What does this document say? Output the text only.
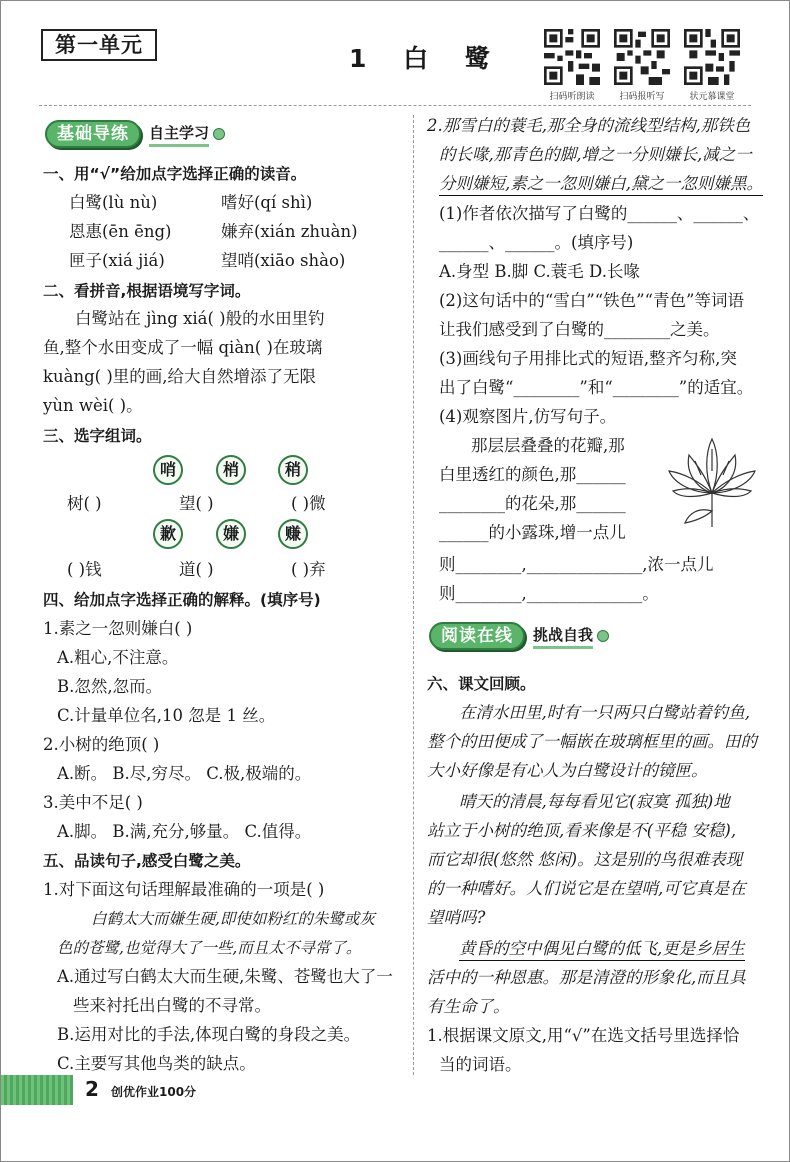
第一单元	1 白 鹭
扫码听朗读	扫码报听写	状元慕课堂
基础导练	自主学习
一、用“√”给加点字选择正确的读音。
白鹭(lù nù)	嗜好(qí shì)
恩惠(ēn ēng)	嫌弃(xián zhuàn)
匣子(xiá jiá)	望哨(xiāo shào)
二、看拼音,根据语境写字词。
白鹭站在 jìng xiá( )般的水田里钓
鱼,整个水田变成了一幅 qiàn( )在玻璃
kuàng( )里的画,给大自然增添了无限
yùn wèi( )。
三、选字组词。
哨	梢	稍
树( )	望( )	( )微
歉	嫌	赚
( )钱	道( )	( )弃
四、给加点字选择正确的解释。(填序号)
1.素之一忽则嫌白( )
A.粗心,不注意。
B.忽然,忽而。
C.计量单位名,10 忽是 1 丝。
2.小树的绝顶( )
A.断。 B.尽,穷尽。 C.极,极端的。
3.美中不足( )
A.脚。 B.满,充分,够量。 C.值得。
五、品读句子,感受白鹭之美。
1.对下面这句话理解最准确的一项是( )
白鹤太大而嫌生硬,即使如粉红的朱鹭或灰
色的苍鹭,也觉得大了一些,而且太不寻常了。
A.通过写白鹤太大而生硬,朱鹭、苍鹭也大了一
些来衬托出白鹭的不寻常。
B.运用对比的手法,体现白鹭的身段之美。
C.主要写其他鸟类的缺点。
2.那雪白的蓑毛,那全身的流线型结构,那铁色
的长喙,那青色的脚,增之一分则嫌长,减之一
分则嫌短,素之一忽则嫌白,黛之一忽则嫌黑。
(1)作者依次描写了白鹭的______、______、
______、______。(填序号)
A.身型 B.脚 C.蓑毛 D.长喙
(2)这句话中的“雪白”“铁色”“青色”等词语
让我们感受到了白鹭的________之美。
(3)画线句子用排比式的短语,整齐匀称,突
出了白鹭“________”和“________”的适宜。
(4)观察图片,仿写句子。
那层层叠叠的花瓣,那
白里透红的颜色,那______
________的花朵,那______
______的小露珠,增一点儿
则________,______________,浓一点儿
则________,______________。
阅读在线	挑战自我
六、课文回顾。
在清水田里,时有一只两只白鹭站着钓鱼,
整个的田便成了一幅嵌在玻璃框里的画。田的
大小好像是有心人为白鹭设计的镜匣。
晴天的清晨,每每看见它(寂寞 孤独)地
站立于小树的绝顶,看来像是不(平稳 安稳),
而它却很(悠然 悠闲)。这是别的鸟很难表现
的一种嗜好。人们说它是在望哨,可它真是在
望哨吗?
黄昏的空中偶见白鹭的低飞,更是乡居生
活中的一种恩惠。那是清澄的形象化,而且具
有生命了。
1.根据课文原文,用“√”在选文括号里选择恰
当的词语。
2 创优作业100分
